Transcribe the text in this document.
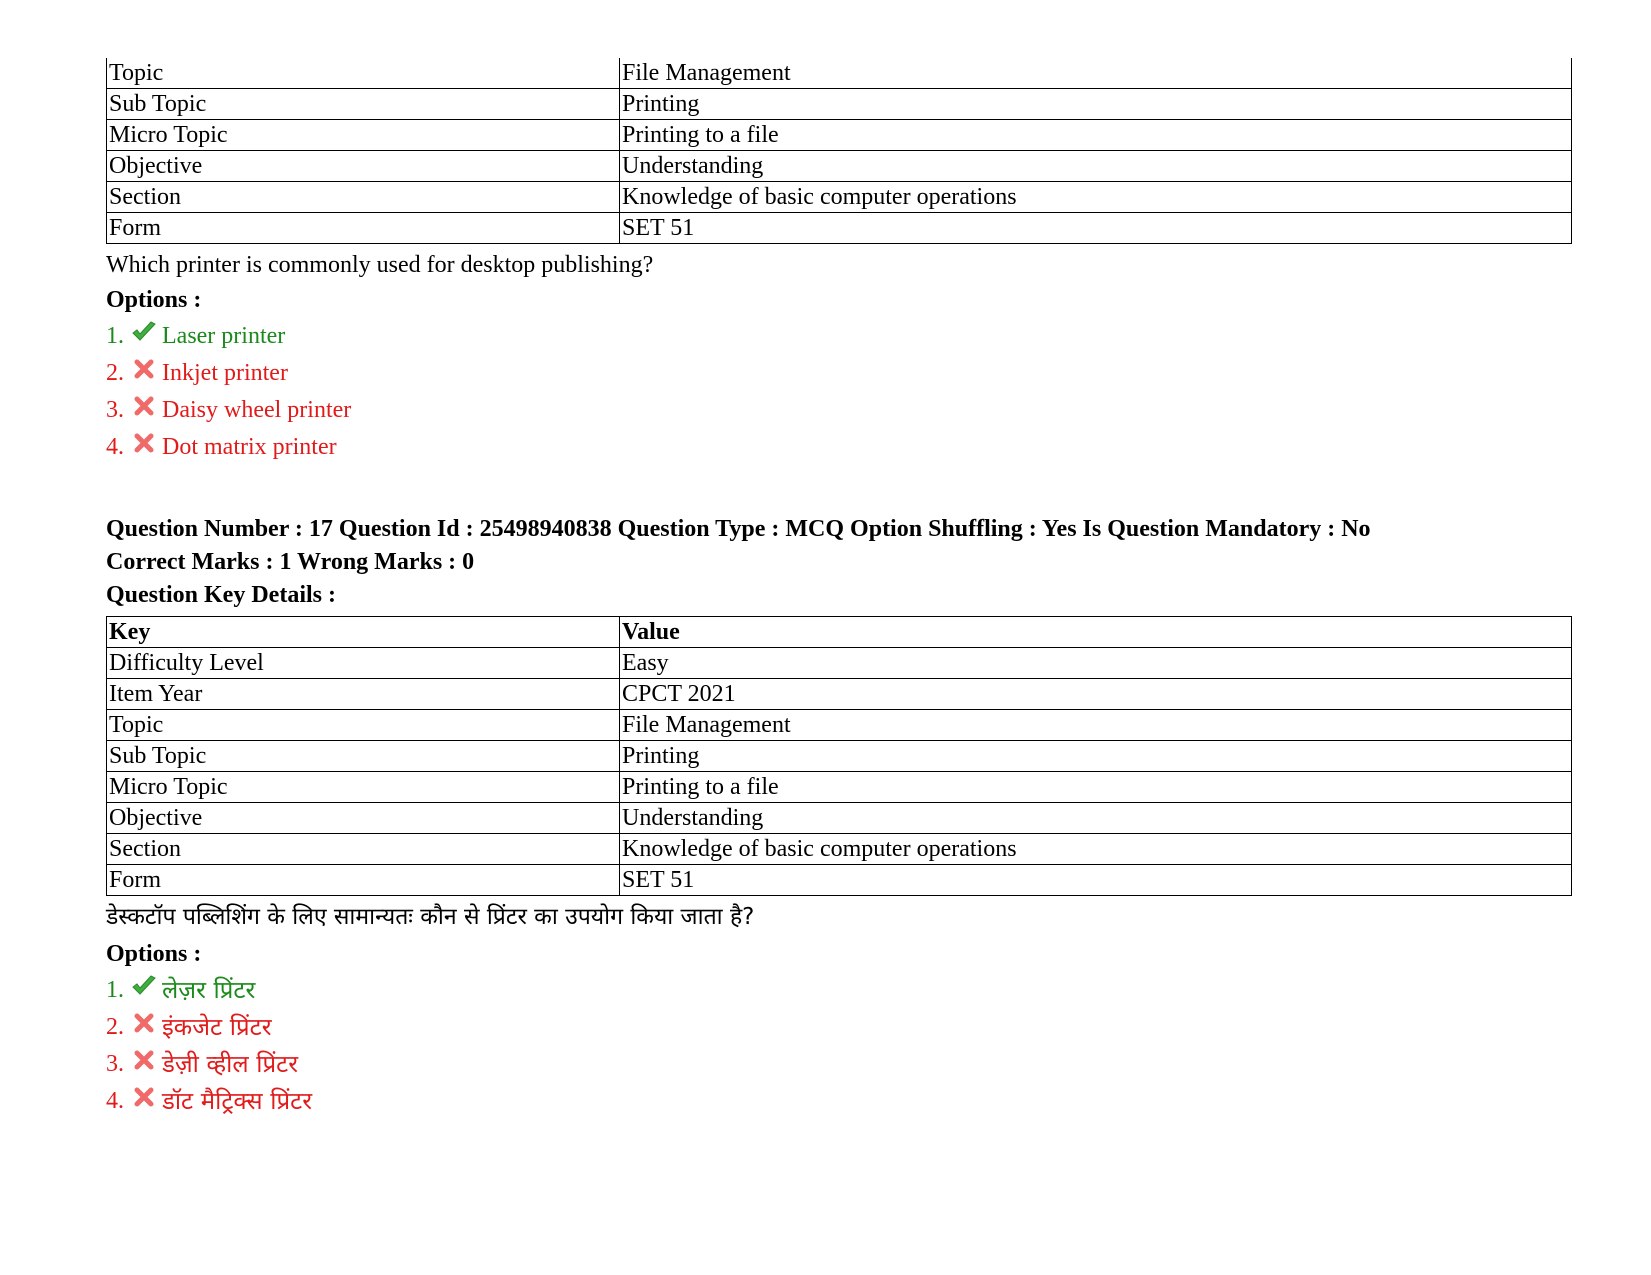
Topic	File Management
Sub Topic	Printing
Micro Topic	Printing to a file
Objective	Understanding
Section	Knowledge of basic computer operations
Form	SET 51
Which printer is commonly used for desktop publishing?
Options :
1. Laser printer
2. Inkjet printer
3. Daisy wheel printer
4. Dot matrix printer
Question Number : 17 Question Id : 25498940838 Question Type : MCQ Option Shuffling : Yes Is Question Mandatory : No
Correct Marks : 1 Wrong Marks : 0
Question Key Details :
Key	Value
Difficulty Level	Easy
Item Year	CPCT 2021
Topic	File Management
Sub Topic	Printing
Micro Topic	Printing to a file
Objective	Understanding
Section	Knowledge of basic computer operations
Form	SET 51
डेस्कटॉप पब्लिशिंग के लिए सामान्यतः कौन से प्रिंटर का उपयोग किया जाता है?
Options :
1. लेज़र प्रिंटर
2. इंकजेट प्रिंटर
3. डेज़ी व्हील प्रिंटर
4. डॉट मैट्रिक्स प्रिंटर
